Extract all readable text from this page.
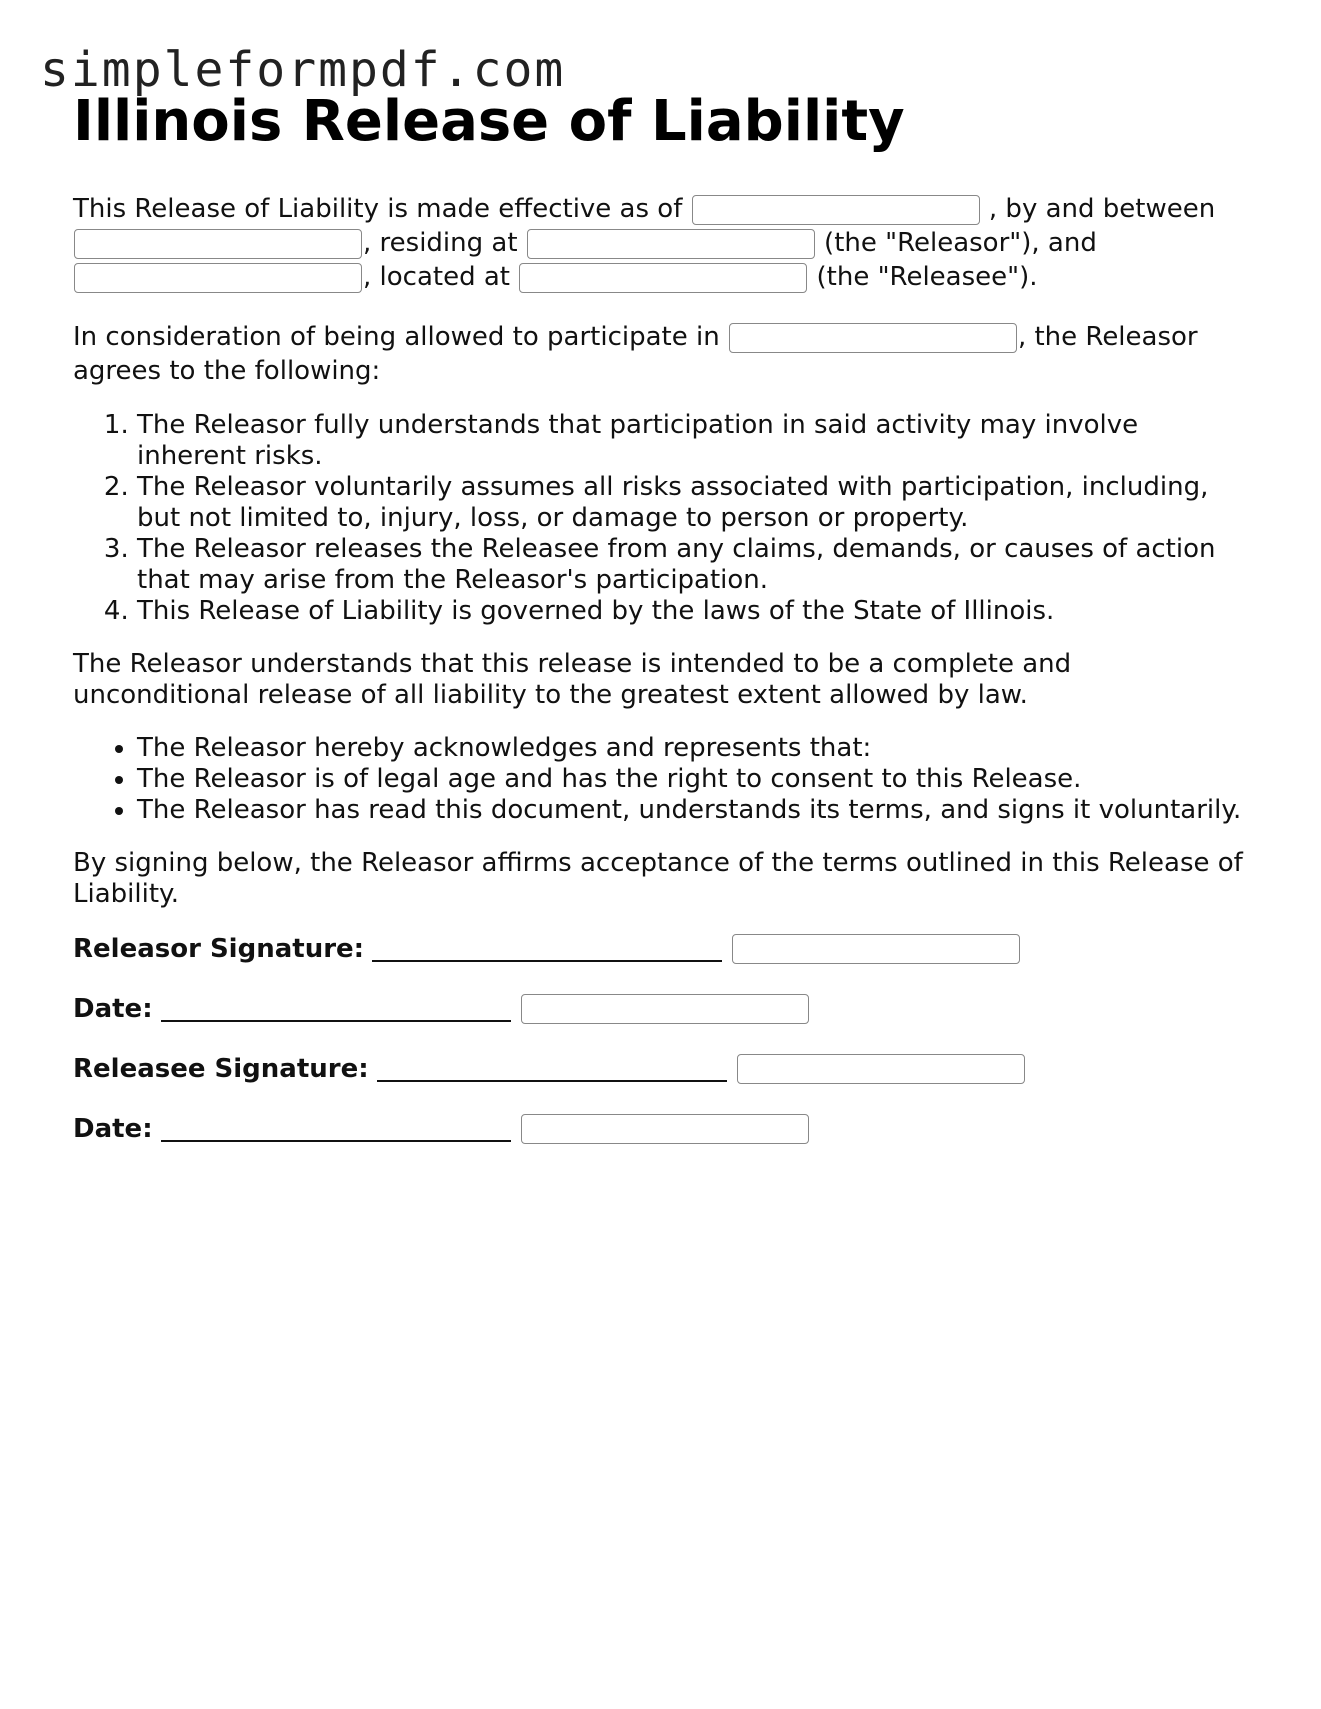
simpleformpdf.com
Illinois Release of Liability

This Release of Liability is made effective as of	, by and between
, residing at	(the "Releasor"), and
, located at	(the "Releasee").

In consideration of being allowed to participate in	, the Releasor agrees to the following:

1. The Releasor fully understands that participation in said activity may involve inherent risks.
2. The Releasor voluntarily assumes all risks associated with participation, including, but not limited to, injury, loss, or damage to person or property.
3. The Releasor releases the Releasee from any claims, demands, or causes of action that may arise from the Releasor's participation.
4. This Release of Liability is governed by the laws of the State of Illinois.

The Releasor understands that this release is intended to be a complete and unconditional release of all liability to the greatest extent allowed by law.

• The Releasor hereby acknowledges and represents that:
• The Releasor is of legal age and has the right to consent to this Release.
• The Releasor has read this document, understands its terms, and signs it voluntarily.

By signing below, the Releasor affirms acceptance of the terms outlined in this Release of Liability.

Releasor Signature:
Date:
Releasee Signature:
Date:
